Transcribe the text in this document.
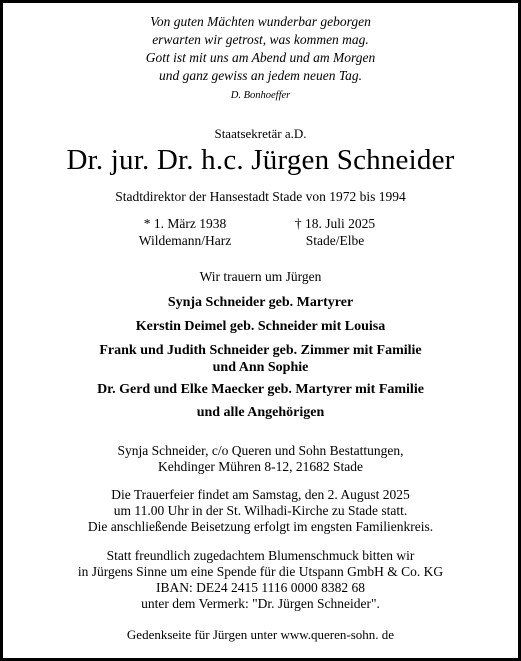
Von guten Mächten wunderbar geborgen
erwarten wir getrost, was kommen mag.
Gott ist mit uns am Abend und am Morgen
und ganz gewiss an jedem neuen Tag.
D. Bonhoeffer
Staatsekretär a.D.
Dr. jur. Dr. h.c. Jürgen Schneider
Stadtdirektor der Hansestadt Stade von 1972 bis 1994
* 1. März 1938
Wildemann/Harz
† 18. Juli 2025
Stade/Elbe
Wir trauern um Jürgen
Synja Schneider geb. Martyrer
Kerstin Deimel geb. Schneider mit Louisa
Frank und Judith Schneider geb. Zimmer mit Familie
und Ann Sophie
Dr. Gerd und Elke Maecker geb. Martyrer mit Familie
und alle Angehörigen
Synja Schneider, c/o Queren und Sohn Bestattungen,
Kehdinger Mühren 8-12, 21682 Stade
Die Trauerfeier findet am Samstag, den 2. August 2025
um 11.00 Uhr in der St. Wilhadi-Kirche zu Stade statt.
Die anschließende Beisetzung erfolgt im engsten Familienkreis.
Statt freundlich zugedachtem Blumenschmuck bitten wir
in Jürgens Sinne um eine Spende für die Utspann GmbH & Co. KG
IBAN: DE24 2415 1116 0000 8382 68
unter dem Vermerk: "Dr. Jürgen Schneider".
Gedenkseite für Jürgen unter www.queren-sohn. de
